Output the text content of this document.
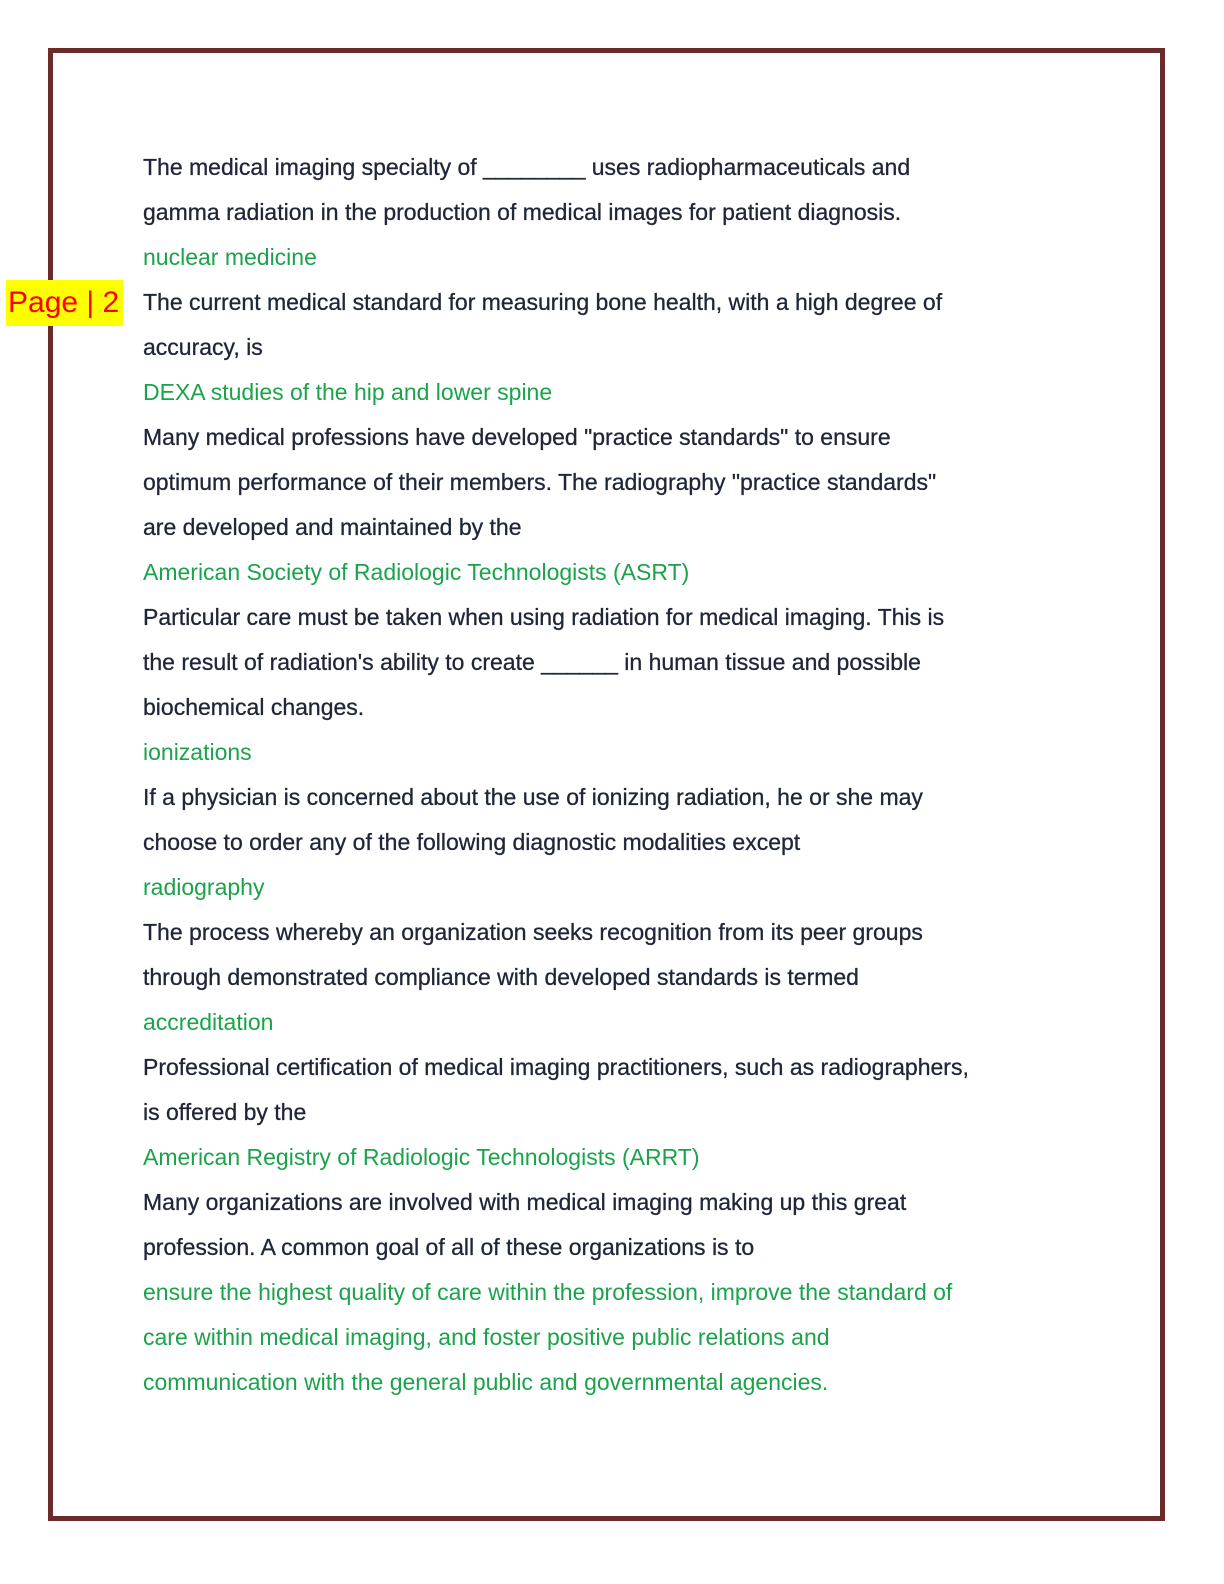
Page | 2
The medical imaging specialty of ________ uses radiopharmaceuticals and
gamma radiation in the production of medical images for patient diagnosis.
nuclear medicine
The current medical standard for measuring bone health, with a high degree of
accuracy, is
DEXA studies of the hip and lower spine
Many medical professions have developed "practice standards" to ensure
optimum performance of their members. The radiography "practice standards"
are developed and maintained by the
American Society of Radiologic Technologists (ASRT)
Particular care must be taken when using radiation for medical imaging. This is
the result of radiation's ability to create ______ in human tissue and possible
biochemical changes.
ionizations
If a physician is concerned about the use of ionizing radiation, he or she may
choose to order any of the following diagnostic modalities except
radiography
The process whereby an organization seeks recognition from its peer groups
through demonstrated compliance with developed standards is termed
accreditation
Professional certification of medical imaging practitioners, such as radiographers,
is offered by the
American Registry of Radiologic Technologists (ARRT)
Many organizations are involved with medical imaging making up this great
profession. A common goal of all of these organizations is to
ensure the highest quality of care within the profession, improve the standard of
care within medical imaging, and foster positive public relations and
communication with the general public and governmental agencies.
